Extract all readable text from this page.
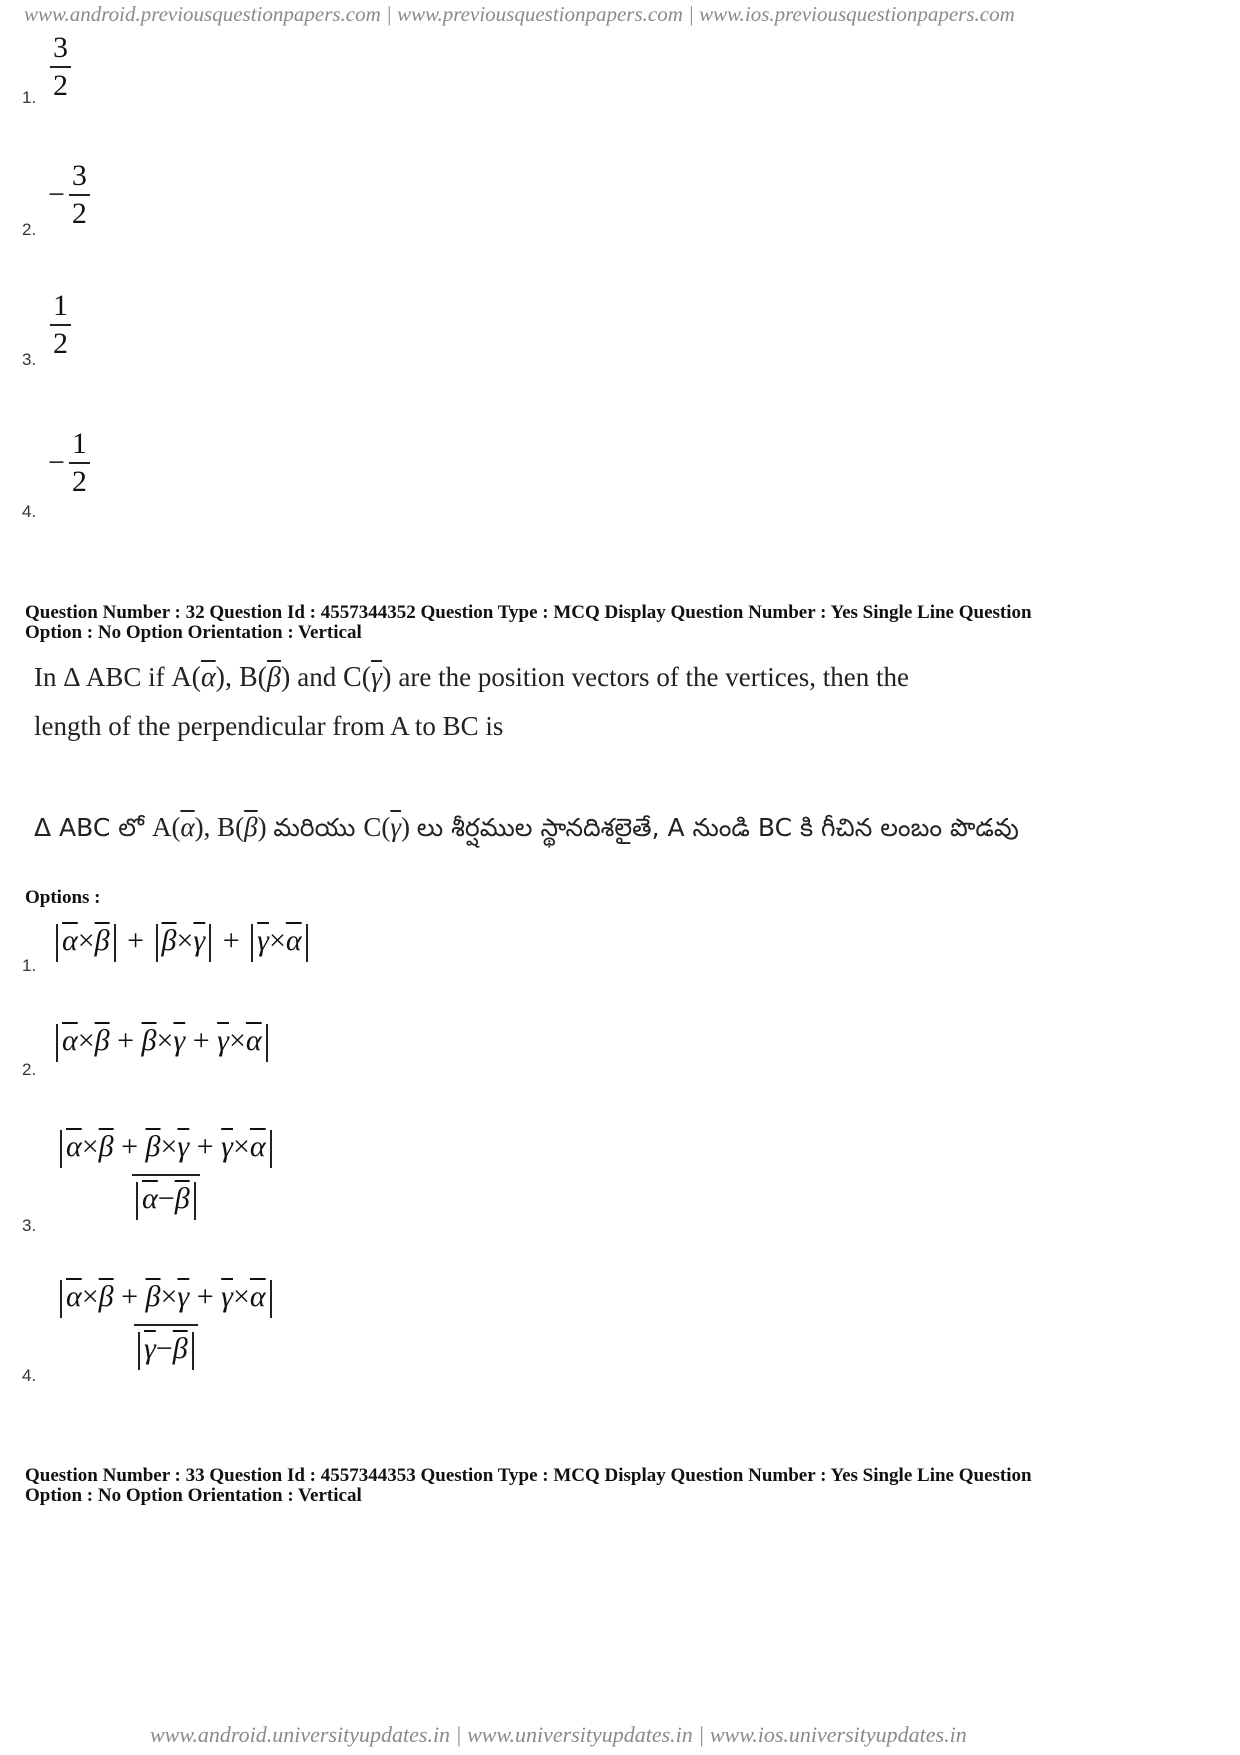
www.android.previousquestionpapers.com | www.previousquestionpapers.com | www.ios.previousquestionpapers.com
1. $\frac{3}{2}$
2.
− $\frac{3}{2}$
3. $\frac{1}{2}$
4.
− $\frac{1}{2}$
Question Number : 32 Question Id : 4557344352 Question Type : MCQ Display Question Number : Yes Single Line Question
Option : No Option Orientation : Vertical
In Δ ABC if $A(\overline{\alpha})$, $B(\overline{\beta})$ and $C(\overline{\gamma})$ are the position vectors of the vertices, then the
length of the perpendicular from A to BC is
Δ ABC లో $A(\overline{\alpha})$, $B(\overline{\beta})$ మరియు $C(\overline{\gamma})$ లు శీర్షముల స్థానదిశలైతే, A నుండి BC కి గీచిన లంబం పొడవు
Options :
1.
$\overline{\alpha}\times\overline{\beta} + \overline{\beta}\times\overline{\gamma} + \overline{\gamma}\times\overline{\alpha}$
2.
$\overline{\alpha}\times\overline{\beta} + \overline{\beta}\times\overline{\gamma} + \overline{\gamma}\times\overline{\alpha}$
3.
$\overline{\alpha}\times\overline{\beta} + \overline{\beta}\times\overline{\gamma} + \overline{\gamma}\times\overline{\alpha}$
$\overline{\alpha}-\overline{\beta}$
4.
$\overline{\alpha}\times\overline{\beta} + \overline{\beta}\times\overline{\gamma} + \overline{\gamma}\times\overline{\alpha}$
$\overline{\gamma}-\overline{\beta}$
Question Number : 33 Question Id : 4557344353 Question Type : MCQ Display Question Number : Yes Single Line Question
Option : No Option Orientation : Vertical
www.android.universityupdates.in | www.universityupdates.in | www.ios.universityupdates.in
